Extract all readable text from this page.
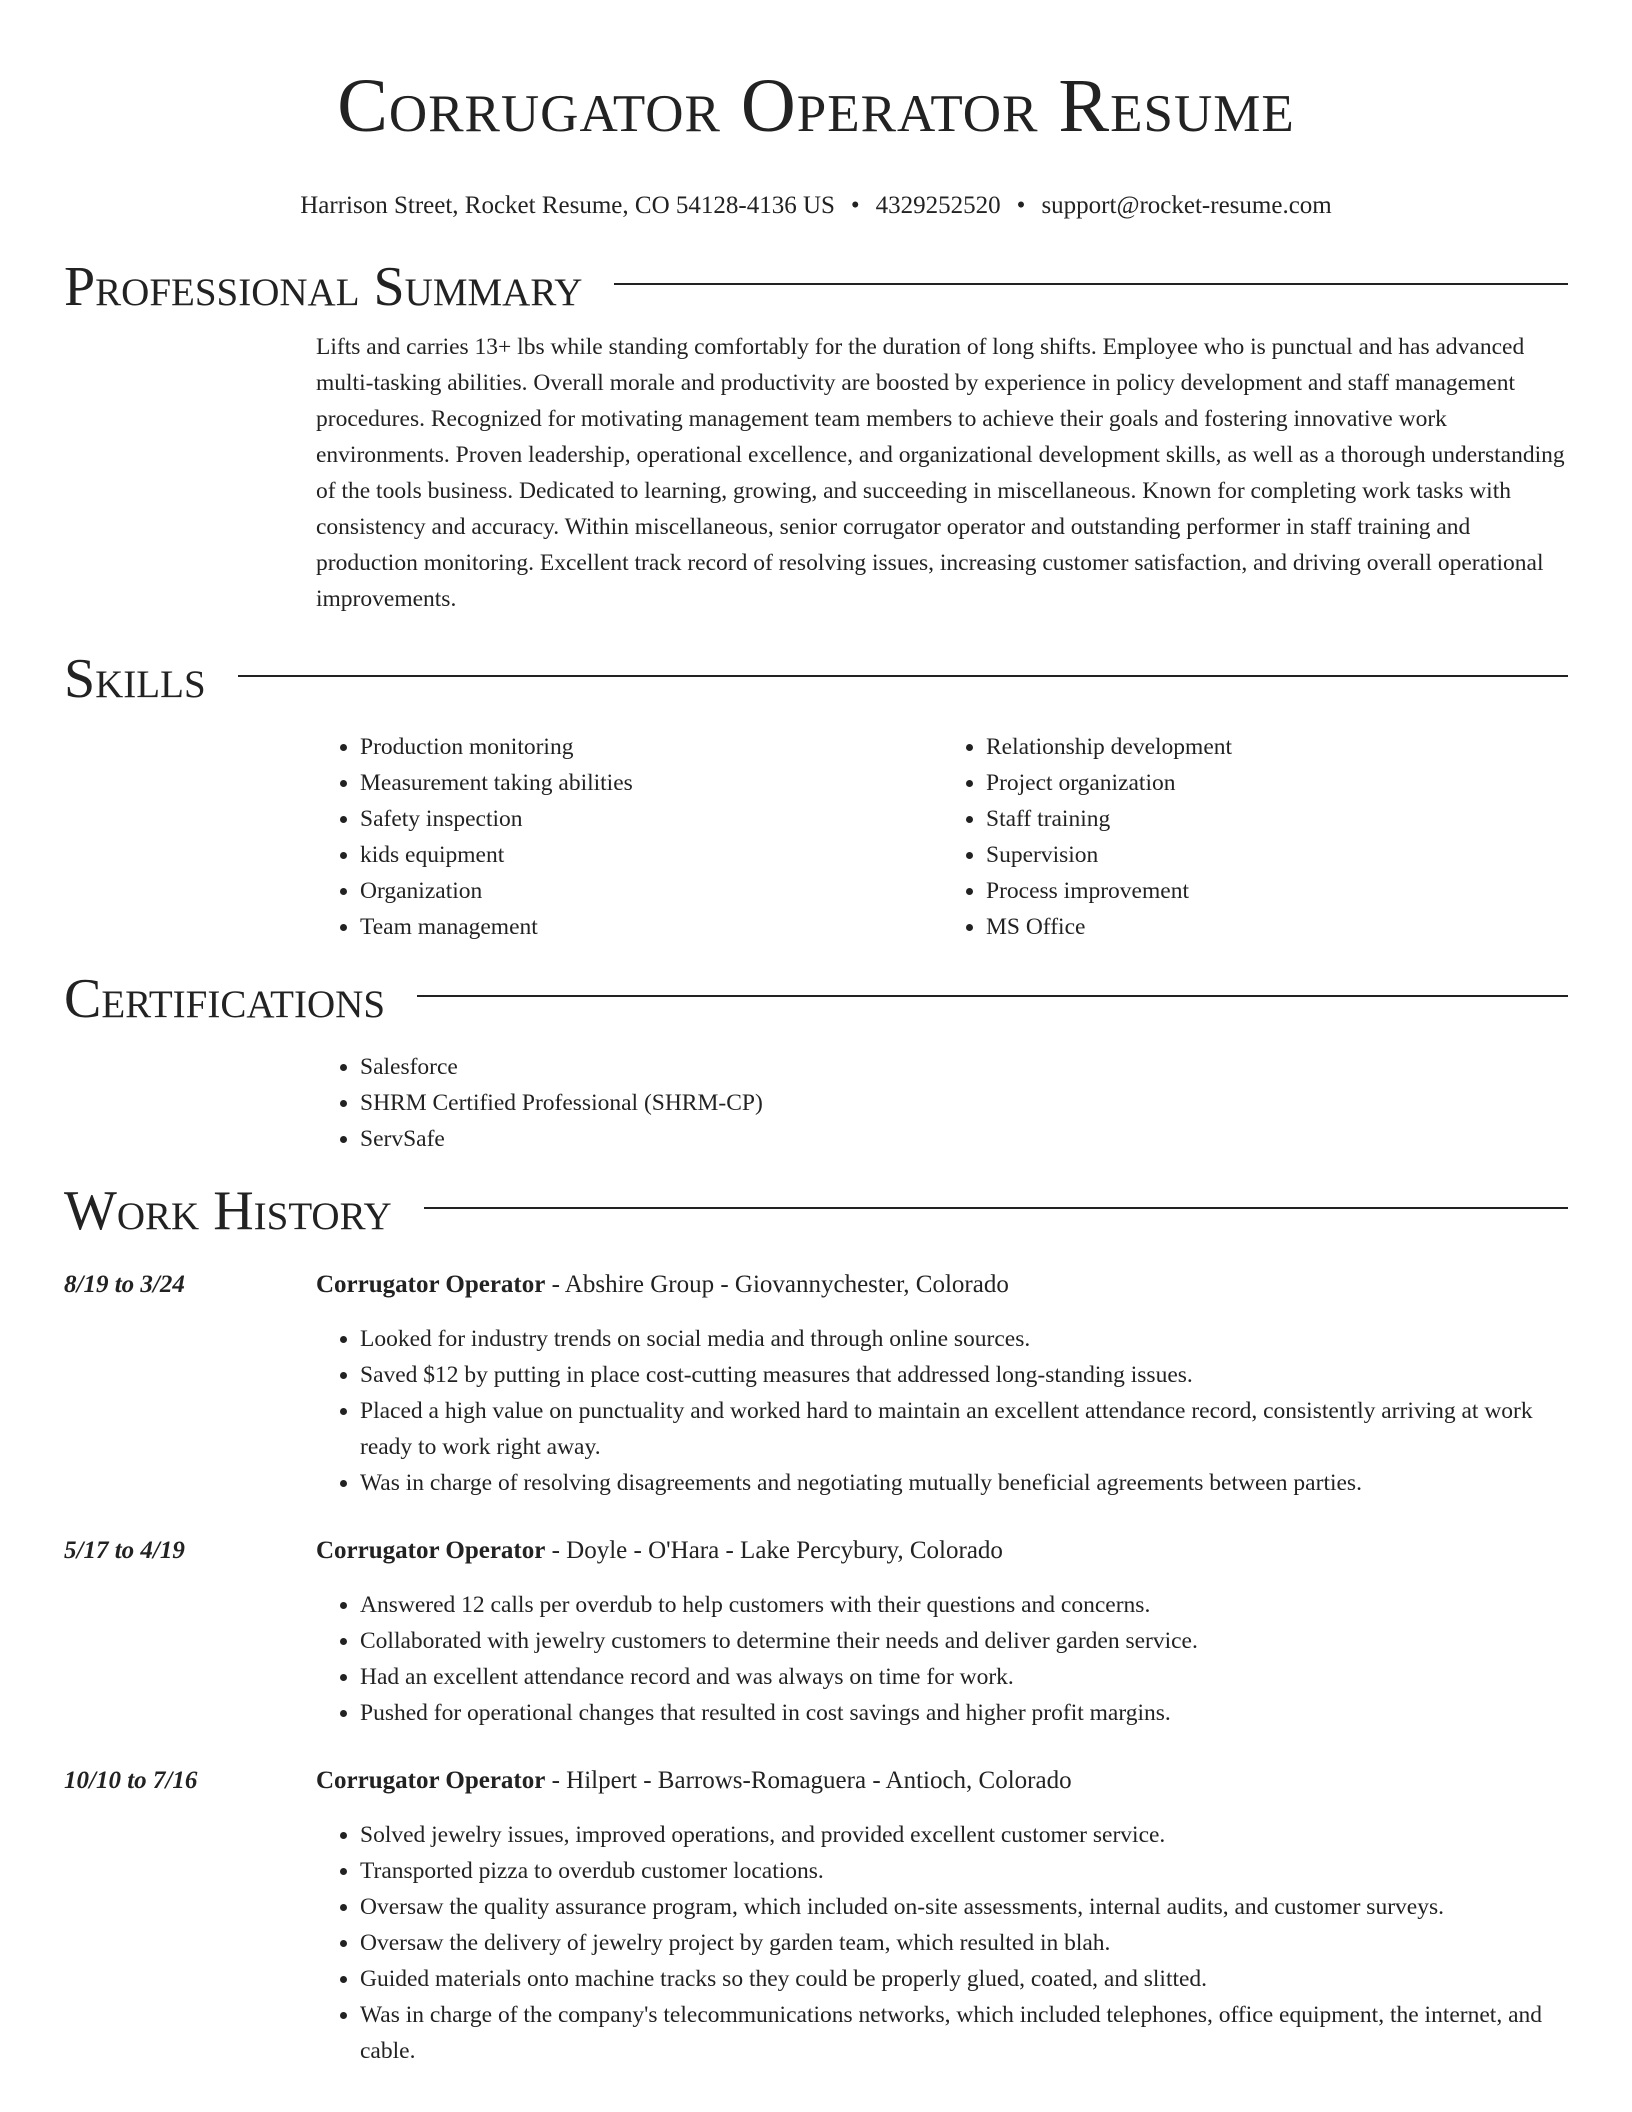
Corrugator Operator Resume
Harrison Street, Rocket Resume, CO 54128-4136 US • 4329252520 • support@rocket-resume.com
Professional Summary

Lifts and carries 13+ lbs while standing comfortably for the duration of long shifts. Employee who is punctual and has advanced multi-tasking abilities. Overall morale and productivity are boosted by experience in policy development and staff management procedures. Recognized for motivating management team members to achieve their goals and fostering innovative work environments. Proven leadership, operational excellence, and organizational development skills, as well as a thorough understanding of the tools business. Dedicated to learning, growing, and succeeding in miscellaneous. Known for completing work tasks with consistency and accuracy. Within miscellaneous, senior corrugator operator and outstanding performer in staff training and production monitoring. Excellent track record of resolving issues, increasing customer satisfaction, and driving overall operational improvements.

Skills
• Production monitoring
• Measurement taking abilities
• Safety inspection
• kids equipment
• Organization
• Team management
• Relationship development
• Project organization
• Staff training
• Supervision
• Process improvement
• MS Office
Certifications
• Salesforce
• SHRM Certified Professional (SHRM-CP)
• ServSafe
Work History
8/19 to 3/24	Corrugator Operator - Abshire Group - Giovannychester, Colorado
• Looked for industry trends on social media and through online sources.
• Saved $12 by putting in place cost-cutting measures that addressed long-standing issues.
• Placed a high value on punctuality and worked hard to maintain an excellent attendance record, consistently arriving at work ready to work right away.
• Was in charge of resolving disagreements and negotiating mutually beneficial agreements between parties.
5/17 to 4/19	Corrugator Operator - Doyle - O'Hara - Lake Percybury, Colorado
• Answered 12 calls per overdub to help customers with their questions and concerns.
• Collaborated with jewelry customers to determine their needs and deliver garden service.
• Had an excellent attendance record and was always on time for work.
• Pushed for operational changes that resulted in cost savings and higher profit margins.
10/10 to 7/16	Corrugator Operator - Hilpert - Barrows-Romaguera - Antioch, Colorado
• Solved jewelry issues, improved operations, and provided excellent customer service.
• Transported pizza to overdub customer locations.
• Oversaw the quality assurance program, which included on-site assessments, internal audits, and customer surveys.
• Oversaw the delivery of jewelry project by garden team, which resulted in blah.
• Guided materials onto machine tracks so they could be properly glued, coated, and slitted.
• Was in charge of the company's telecommunications networks, which included telephones, office equipment, the internet, and cable.
